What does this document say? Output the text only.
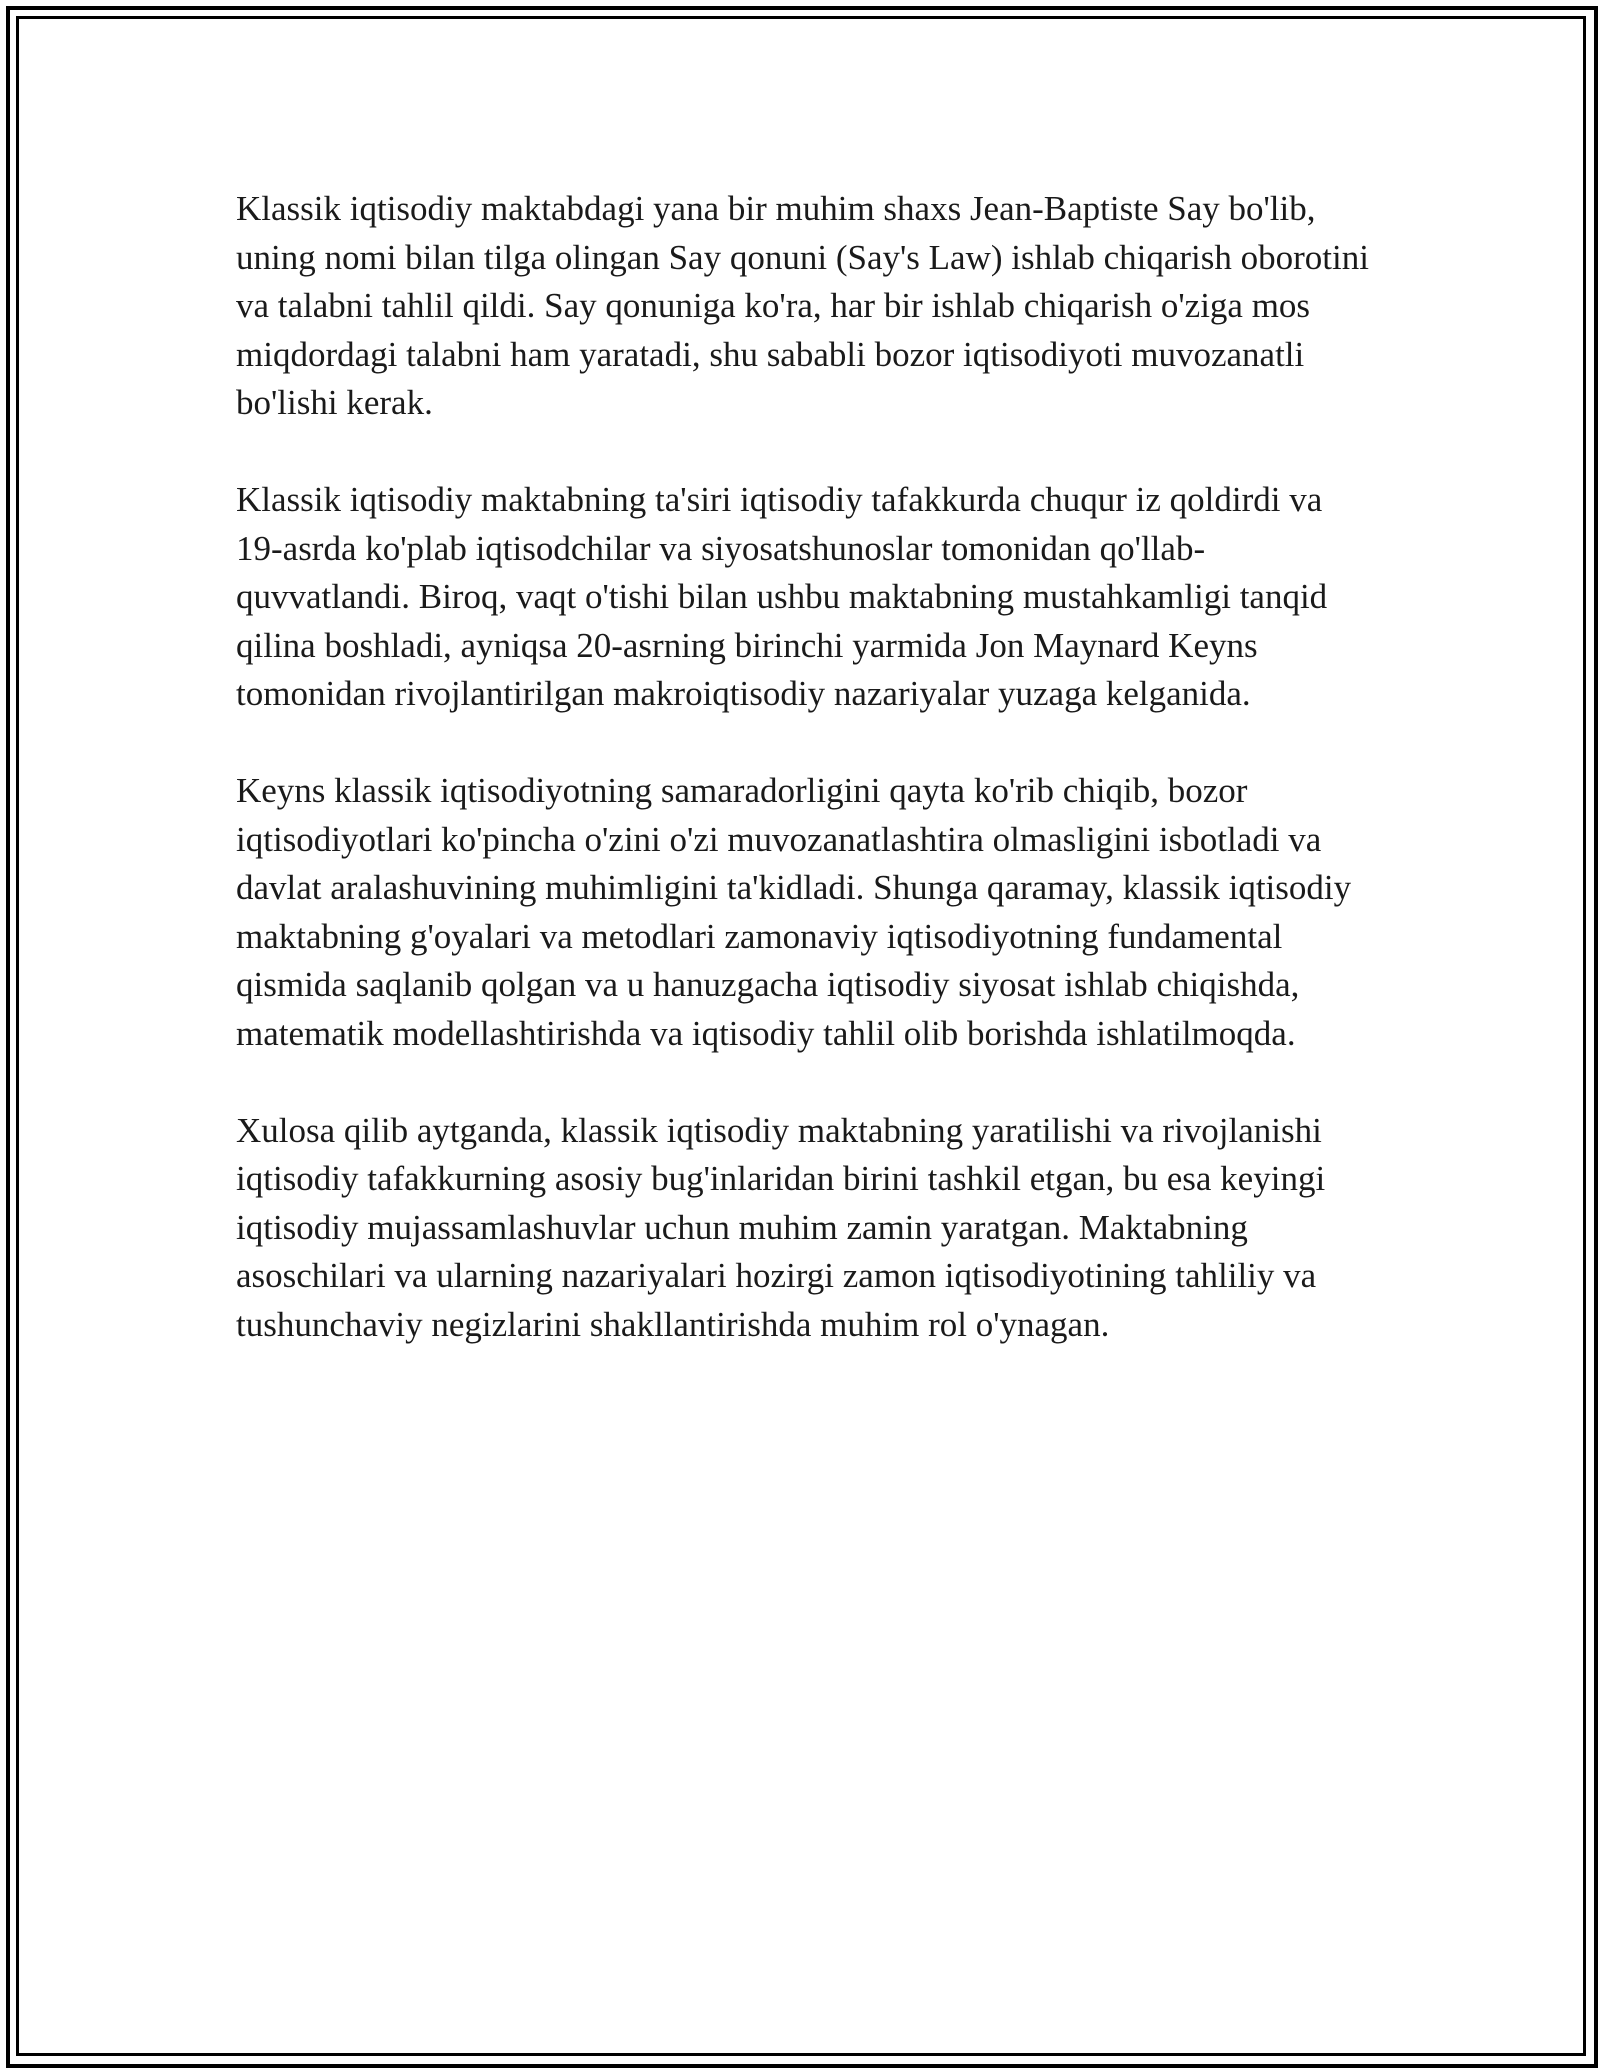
Klassik iqtisodiy maktabdagi yana bir muhim shaxs Jean-Baptiste Say bo'lib, uning nomi bilan tilga olingan Say qonuni (Say's Law) ishlab chiqarish oborotini va talabni tahlil qildi. Say qonuniga ko'ra, har bir ishlab chiqarish o'ziga mos miqdordagi talabni ham yaratadi, shu sababli bozor iqtisodiyoti muvozanatli bo'lishi kerak.

Klassik iqtisodiy maktabning ta'siri iqtisodiy tafakkurda chuqur iz qoldirdi va 19-asrda ko'plab iqtisodchilar va siyosatshunoslar tomonidan qo'llab-quvvatlandi. Biroq, vaqt o'tishi bilan ushbu maktabning mustahkamligi tanqid qilina boshladi, ayniqsa 20-asrning birinchi yarmida Jon Maynard Keyns tomonidan rivojlantirilgan makroiqtisodiy nazariyalar yuzaga kelganida.

Keyns klassik iqtisodiyotning samaradorligini qayta ko'rib chiqib, bozor iqtisodiyotlari ko'pincha o'zini o'zi muvozanatlashtira olmasligini isbotladi va davlat aralashuvining muhimligini ta'kidladi. Shunga qaramay, klassik iqtisodiy maktabning g'oyalari va metodlari zamonaviy iqtisodiyotning fundamental qismida saqlanib qolgan va u hanuzgacha iqtisodiy siyosat ishlab chiqishda, matematik modellashtirishda va iqtisodiy tahlil olib borishda ishlatilmoqda.

Xulosa qilib aytganda, klassik iqtisodiy maktabning yaratilishi va rivojlanishi iqtisodiy tafakkurning asosiy bug'inlaridan birini tashkil etgan, bu esa keyingi iqtisodiy mujassamlashuvlar uchun muhim zamin yaratgan. Maktabning asoschilari va ularning nazariyalari hozirgi zamon iqtisodiyotining tahliliy va tushunchaviy negizlarini shakllantirishda muhim rol o'ynagan.
